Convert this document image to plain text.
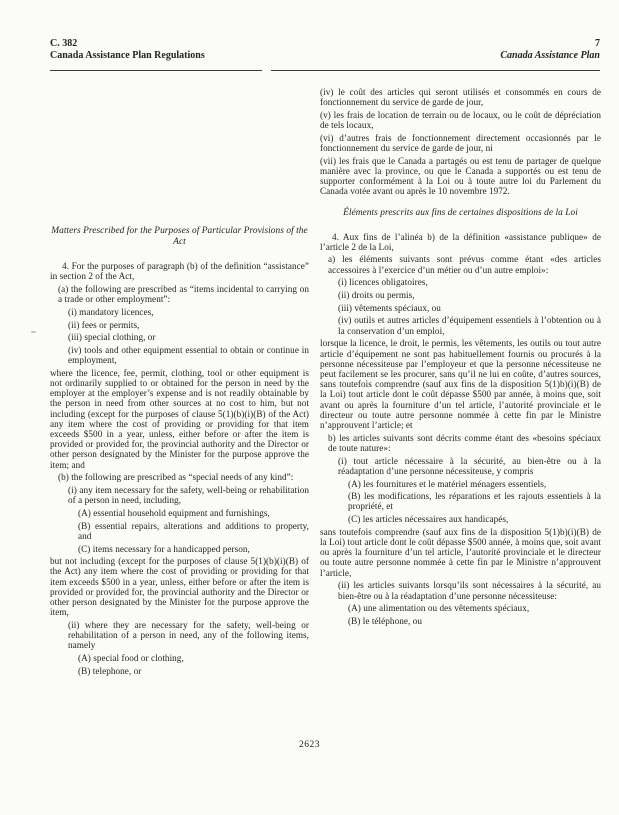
C. 382	7
Canada Assistance Plan Regulations	Canada Assistance Plan

(iv) le coût des articles qui seront utilisés et consommés en cours de fonctionnement du service de garde de jour,

(v) les frais de location de terrain ou de locaux, ou le coût de dépréciation de tels locaux,

(vi) d’autres frais de fonctionnement directement occasionnés par le fonctionnement du service de garde de jour, ni

(vii) les frais que le Canada a partagés ou est tenu de partager de quelque manière avec la province, ou que le Canada a supportés ou est tenu de supporter conformément à la Loi ou à toute autre loi du Parlement du Canada votée avant ou après le 10 novembre 1972.

Éléments prescrits aux fins de certaines dispositions de la Loi

4. Aux fins de l’alinéa b) de la définition «assistance publique» de l’article 2 de la Loi,

a) les éléments suivants sont prévus comme étant «des articles accessoires à l’exercice d’un métier ou d’un autre emploi»:

(i) licences obligatoires,

(ii) droits ou permis,

(iii) vêtements spéciaux, ou

(iv) outils et autres articles d’équipement essentiels à l’obtention ou à la conservation d’un emploi,

lorsque la licence, le droit, le permis, les vêtements, les outils ou tout autre article d’équipement ne sont pas habituellement fournis ou procurés à la personne nécessiteuse par l’employeur et que la personne nécessiteuse ne peut facilement se les procurer, sans qu’il ne lui en coûte, d’autres sources, sans toutefois comprendre (sauf aux fins de la disposition 5(1)b)(i)(B) de la Loi) tout article dont le coût dépasse $500 par année, à moins que, soit avant ou après la fourniture d’un tel article, l’autorité provinciale et le directeur ou toute autre personne nommée à cette fin par le Ministre n’approuvent l’article; et

b) les articles suivants sont décrits comme étant des «besoins spéciaux de toute nature»:

(i) tout article nécessaire à la sécurité, au bien-être ou à la réadaptation d’une personne nécessiteuse, y compris

(A) les fournitures et le matériel ménagers essentiels,

(B) les modifications, les réparations et les rajouts essentiels à la propriété, et

(C) les articles nécessaires aux handicapés,

sans toutefois comprendre (sauf aux fins de la disposition 5(1)b)(i)(B) de la Loi) tout article dont le coût dépasse $500 année, à moins que, soit avant ou après la fourniture d’un tel article, l’autorité provinciale et le directeur ou toute autre personne nommée à cette fin par le Ministre n’approuvent l’article,

(ii) les articles suivants lorsqu’ils sont nécessaires à la sécurité, au bien-être ou à la réadaptation d’une personne nécessiteuse:

(A) une alimentation ou des vêtements spéciaux,

(B) le téléphone, ou

Matters Prescribed for the Purposes of Particular Provisions of the Act

4. For the purposes of paragraph (b) of the definition “assistance” in section 2 of the Act,

(a) the following are prescribed as “items incidental to carrying on a trade or other employment”:

(i) mandatory licences,

(ii) fees or permits,

(iii) special clothing, or

(iv) tools and other equipment essential to obtain or continue in employment,

where the licence, fee, permit, clothing, tool or other equipment is not ordinarily supplied to or obtained for the person in need by the employer at the employer’s expense and is not readily obtainable by the person in need from other sources at no cost to him, but not including (except for the purposes of clause 5(1)(b)(i)(B) of the Act) any item where the cost of providing or providing for that item exceeds $500 in a year, unless, either before or after the item is provided or provided for, the provincial authority and the Director or other person designated by the Minister for the purpose approve the item; and

(b) the following are prescribed as “special needs of any kind”:

(i) any item necessary for the safety, well-being or rehabilitation of a person in need, including,

(A) essential household equipment and furnishings,

(B) essential repairs, alterations and additions to property, and

(C) items necessary for a handicapped person,

but not including (except for the purposes of clause 5(1)(b)(i)(B) of the Act) any item where the cost of providing or providing for that item exceeds $500 in a year, unless, either before or after the item is provided or provided for, the provincial authority and the Director or other person designated by the Minister for the purpose approve the item,

(ii) where they are necessary for the safety, well-being or rehabilitation of a person in need, any of the following items, namely

(A) special food or clothing,

(B) telephone, or

2623
